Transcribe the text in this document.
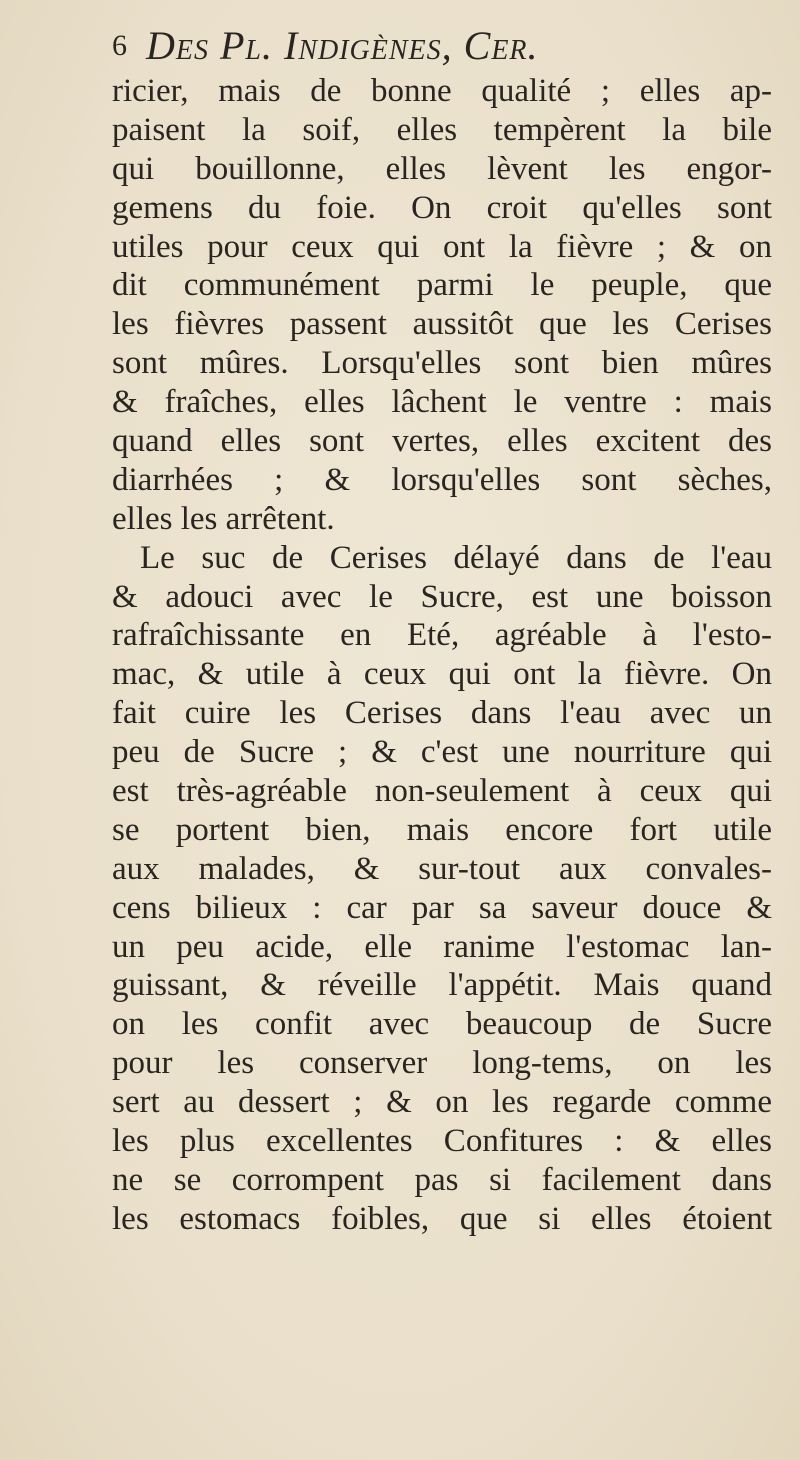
6 Des Pl. Indigènes, Cer.
ricier, mais de bonne qualité ; elles ap-
paisent la soif, elles tempèrent la bile
qui bouillonne, elles lèvent les engor-
gemens du foie. On croit qu'elles sont
utiles pour ceux qui ont la fièvre ; & on
dit communément parmi le peuple, que
les fièvres passent aussitôt que les Cerises
sont mûres. Lorsqu'elles sont bien mûres
& fraîches, elles lâchent le ventre : mais
quand elles sont vertes, elles excitent des
diarrhées ; & lorsqu'elles sont sèches,
elles les arrêtent.
Le suc de Cerises délayé dans de l'eau
& adouci avec le Sucre, est une boisson
rafraîchissante en Eté, agréable à l'esto-
mac, & utile à ceux qui ont la fièvre. On
fait cuire les Cerises dans l'eau avec un
peu de Sucre ; & c'est une nourriture qui
est très-agréable non-seulement à ceux qui
se portent bien, mais encore fort utile
aux malades, & sur-tout aux convales-
cens bilieux : car par sa saveur douce &
un peu acide, elle ranime l'estomac lan-
guissant, & réveille l'appétit. Mais quand
on les confit avec beaucoup de Sucre
pour les conserver long-tems, on les
sert au dessert ; & on les regarde comme
les plus excellentes Confitures : & elles
ne se corrompent pas si facilement dans
les estomacs foibles, que si elles étoient
